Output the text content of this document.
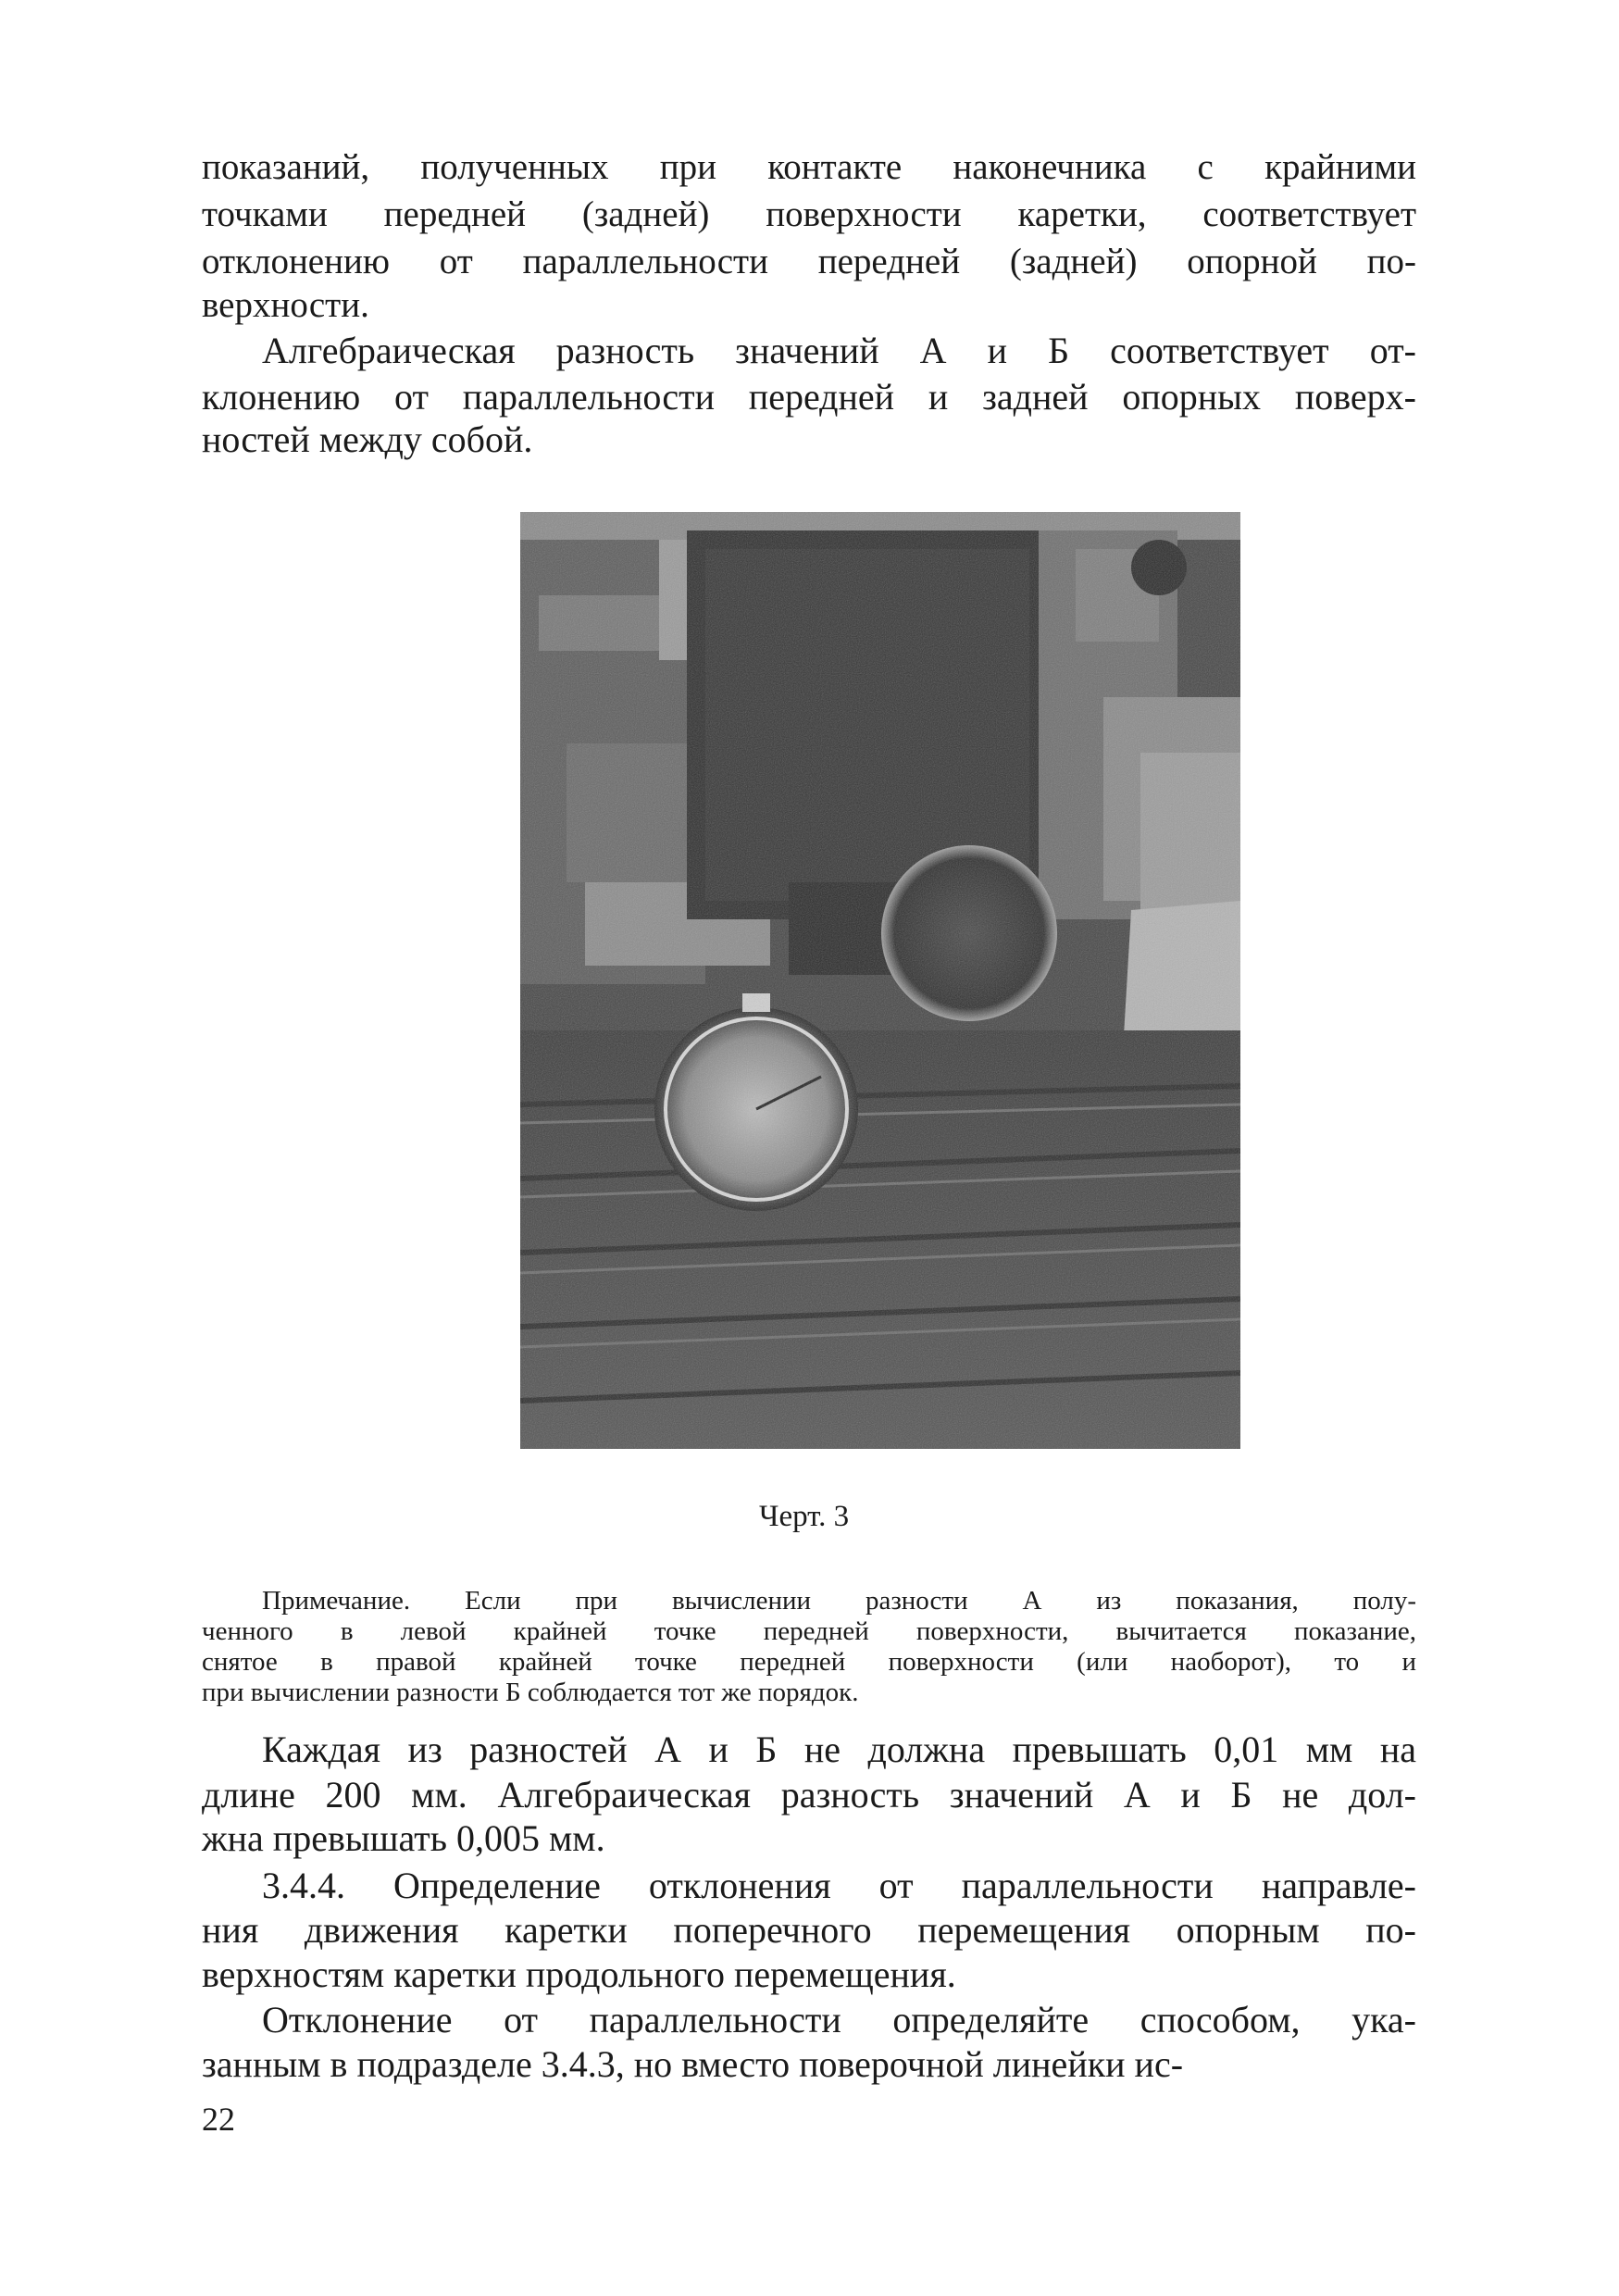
показаний, полученных при контакте наконечника с крайними
точками передней (задней) поверхности каретки, соответствует
отклонению от параллельности передней (задней) опорной по-
верхности.
Алгебраическая разность значений А и Б соответствует от-
клонению от параллельности передней и задней опорных поверх-
ностей между собой.
Черт. 3
Примечание. Если при вычислении разности А из показания, полу-
ченного в левой крайней точке передней поверхности, вычитается показание,
снятое в правой крайней точке передней поверхности (или наоборот), то и
при вычислении разности Б соблюдается тот же порядок.
Каждая из разностей А и Б не должна превышать 0,01 мм на
длине 200 мм. Алгебраическая разность значений А и Б не дол-
жна превышать 0,005 мм.
3.4.4. Определение отклонения от параллельности направле-
ния движения каретки поперечного перемещения опорным по-
верхностям каретки продольного перемещения.
Отклонение от параллельности определяйте способом, ука-
занным в подразделе 3.4.3, но вместо поверочной линейки ис-
22
